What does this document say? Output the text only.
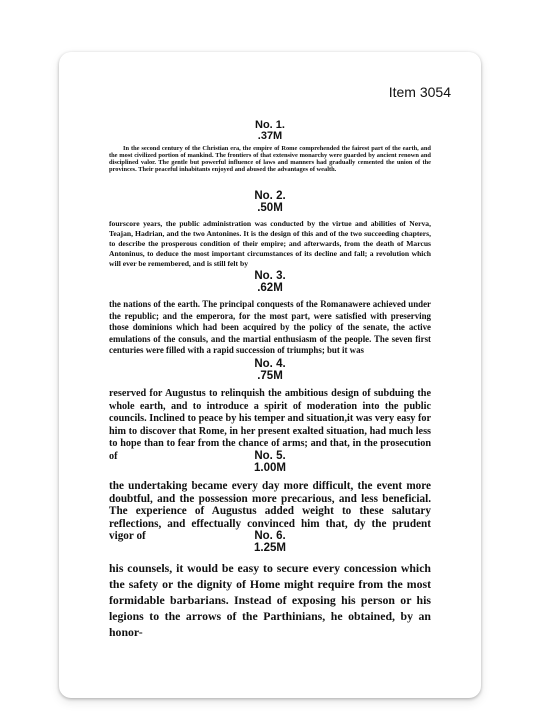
Item 3054
No. 1.
.37M

In the second century of the Christian era, the empire of Rome comprehended the fairest part of the earth, and the most civilized portion of mankind. The frontiers of that extensive monarchy were guarded by ancient renown and disciplined valor. The gentle but powerful influence of laws and manners had gradually cemented the union of the provinces. Their peaceful inhabitants enjoyed and abused the advantages of wealth.

No. 2.
.50M

fourscore years, the public administration was conducted by the virtue and abilities of Nerva, Teajan, Hadrian, and the two Antonines. It is the design of this and of the two succeeding chapters, to describe the prosperous condition of their empire; and afterwards, from the death of Marcus Antoninus, to deduce the most important circumstances of its decline and fall; a revolution which will ever be remembered, and is still felt by

No. 3.
.62M

the nations of the earth. The principal conquests of the Romanawere achieved under the republic; and the emperora, for the most part, were satisfied with preserving those dominions which had been acquired by the policy of the senate, the active emulations of the consuls, and the martial enthusiasm of the people. The seven first centuries were filled with a rapid succession of triumphs; but it was

No. 4.
.75M

reserved for Augustus to relinquish the ambitious design of subduing the whole earth, and to introduce a spirit of moderation into the public councils. Inclined to peace by his temper and situation,it was very easy for him to discover that Rome, in her present exalted situation, had much less to hope than to fear from the chance of arms; and that, in the prosecution of	No. 5.
1.00M

the undertaking became every day more difficult, the event more doubtful, and the possession more precarious, and less beneficial. The experience of Augustus added weight to these salutary reflections, and effectually convinced him that, dy the prudent vigor of	No. 6.
1.25M

his counsels, it would be easy to secure every concession which the safety or the dignity of Home might require from the most formidable barbarians. Instead of exposing his person or his legions to the arrows of the Parthinians, he obtained, by an honor-
